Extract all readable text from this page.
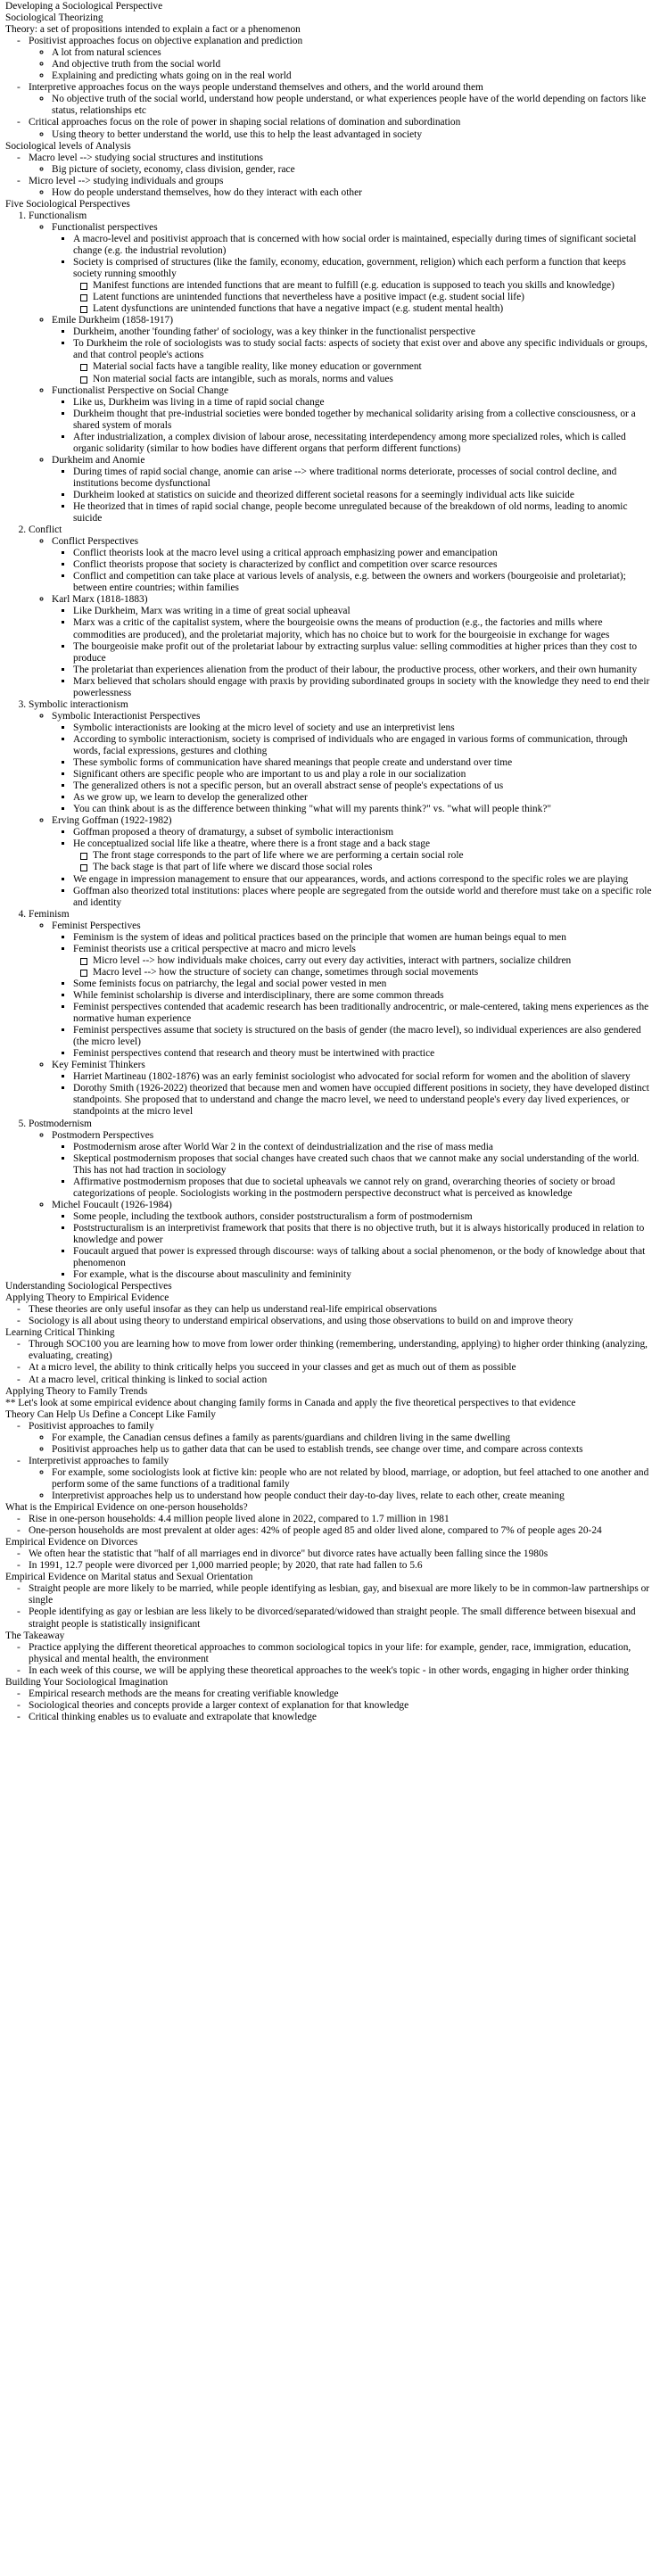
Developing a Sociological Perspective

Sociological Theorizing

Theory: a set of propositions intended to explain a fact or a phenomenon

- Positivist approaches focus on objective explanation and prediction
◦ A lot from natural sciences
◦ And objective truth from the social world
◦ Explaining and predicting whats going on in the real world
- Interpretive approaches focus on the ways people understand themselves and others, and the world around them
◦ No objective truth of the social world, understand how people understand, or what experiences people have of the world depending on factors like status, relationships etc
- Critical approaches focus on the role of power in shaping social relations of domination and subordination
◦ Using theory to better understand the world, use this to help the least advantaged in society

Sociological levels of Analysis

- Macro level --> studying social structures and institutions
◦ Big picture of society, economy, class division, gender, race
- Micro level --> studying individuals and groups
◦ How do people understand themselves, how do they interact with each other

Five Sociological Perspectives

1. Functionalism
◦ Functionalist perspectives
▪ A macro-level and positivist approach that is concerned with how social order is maintained, especially during times of significant societal change (e.g. the industrial revolution)
▪ Society is comprised of structures (like the family, economy, education, government, religion) which each perform a function that keeps society running smoothly
Manifest functions are intended functions that are meant to fulfill (e.g. education is supposed to teach you skills and knowledge)
Latent functions are unintended functions that nevertheless have a positive impact (e.g. student social life)
Latent dysfunctions are unintended functions that have a negative impact (e.g. student mental health)
◦ Emile Durkheim (1858-1917)
▪ Durkheim, another 'founding father' of sociology, was a key thinker in the functionalist perspective
▪ To Durkheim the role of sociologists was to study social facts: aspects of society that exist over and above any specific individuals or groups, and that control people's actions
Material social facts have a tangible reality, like money education or government
Non material social facts are intangible, such as morals, norms and values
◦ Functionalist Perspective on Social Change
▪ Like us, Durkheim was living in a time of rapid social change
▪ Durkheim thought that pre-industrial societies were bonded together by mechanical solidarity arising from a collective consciousness, or a shared system of morals
▪ After industrialization, a complex division of labour arose, necessitating interdependency among more specialized roles, which is called organic solidarity (similar to how bodies have different organs that perform different functions)
◦ Durkheim and Anomie
▪ During times of rapid social change, anomie can arise --> where traditional norms deteriorate, processes of social control decline, and institutions become dysfunctional
▪ Durkheim looked at statistics on suicide and theorized different societal reasons for a seemingly individual acts like suicide
▪ He theorized that in times of rapid social change, people become unregulated because of the breakdown of old norms, leading to anomic suicide
2. Conflict
◦ Conflict Perspectives
▪ Conflict theorists look at the macro level using a critical approach emphasizing power and emancipation
▪ Conflict theorists propose that society is characterized by conflict and competition over scarce resources
▪ Conflict and competition can take place at various levels of analysis, e.g. between the owners and workers (bourgeoisie and proletariat); between entire countries; within families
◦ Karl Marx (1818-1883)
▪ Like Durkheim, Marx was writing in a time of great social upheaval
▪ Marx was a critic of the capitalist system, where the bourgeoisie owns the means of production (e.g., the factories and mills where commodities are produced), and the proletariat majority, which has no choice but to work for the bourgeoisie in exchange for wages
▪ The bourgeoisie make profit out of the proletariat labour by extracting surplus value: selling commodities at higher prices than they cost to produce
▪ The proletariat than experiences alienation from the product of their labour, the productive process, other workers, and their own humanity
▪ Marx believed that scholars should engage with praxis by providing subordinated groups in society with the knowledge they need to end their powerlessness
3. Symbolic interactionism
◦ Symbolic Interactionist Perspectives
▪ Symbolic interactionists are looking at the micro level of society and use an interpretivist lens
▪ According to symbolic interactionism, society is comprised of individuals who are engaged in various forms of communication, through words, facial expressions, gestures and clothing
▪ These symbolic forms of communication have shared meanings that people create and understand over time
▪ Significant others are specific people who are important to us and play a role in our socialization
▪ The generalized others is not a specific person, but an overall abstract sense of people's expectations of us
▪ As we grow up, we learn to develop the generalized other
▪ You can think about is as the difference between thinking "what will my parents think?" vs. "what will people think?"
◦ Erving Goffman (1922-1982)
▪ Goffman proposed a theory of dramaturgy, a subset of symbolic interactionism
▪ He conceptualized social life like a theatre, where there is a front stage and a back stage
The front stage corresponds to the part of life where we are performing a certain social role
The back stage is that part of life where we discard those social roles
▪ We engage in impression management to ensure that our appearances, words, and actions correspond to the specific roles we are playing
▪ Goffman also theorized total institutions: places where people are segregated from the outside world and therefore must take on a specific role and identity
4. Feminism
◦ Feminist Perspectives
▪ Feminism is the system of ideas and political practices based on the principle that women are human beings equal to men
▪ Feminist theorists use a critical perspective at macro and micro levels
Micro level --> how individuals make choices, carry out every day activities, interact with partners, socialize children
Macro level --> how the structure of society can change, sometimes through social movements
▪ Some feminists focus on patriarchy, the legal and social power vested in men
▪ While feminist scholarship is diverse and interdisciplinary, there are some common threads
▪ Feminist perspectives contended that academic research has been traditionally androcentric, or male-centered, taking mens experiences as the normative human experience
▪ Feminist perspectives assume that society is structured on the basis of gender (the macro level), so individual experiences are also gendered (the micro level)
▪ Feminist perspectives contend that research and theory must be intertwined with practice
◦ Key Feminist Thinkers
▪ Harriet Martineau (1802-1876) was an early feminist sociologist who advocated for social reform for women and the abolition of slavery
▪ Dorothy Smith (1926-2022) theorized that because men and women have occupied different positions in society, they have developed distinct standpoints. She proposed that to understand and change the macro level, we need to understand people's every day lived experiences, or standpoints at the micro level
5. Postmodernism
◦ Postmodern Perspectives
▪ Postmodernism arose after World War 2 in the context of deindustrialization and the rise of mass media
▪ Skeptical postmodernism proposes that social changes have created such chaos that we cannot make any social understanding of the world. This has not had traction in sociology
▪ Affirmative postmodernism proposes that due to societal upheavals we cannot rely on grand, overarching theories of society or broad categorizations of people. Sociologists working in the postmodern perspective deconstruct what is perceived as knowledge
◦ Michel Foucault (1926-1984)
▪ Some people, including the textbook authors, consider poststructuralism a form of postmodernism
▪ Poststructuralism is an interpretivist framework that posits that there is no objective truth, but it is always historically produced in relation to knowledge and power
▪ Foucault argued that power is expressed through discourse: ways of talking about a social phenomenon, or the body of knowledge about that phenomenon
▪ For example, what is the discourse about masculinity and femininity

Understanding Sociological Perspectives

Applying Theory to Empirical Evidence

- These theories are only useful insofar as they can help us understand real-life empirical observations
- Sociology is all about using theory to understand empirical observations, and using those observations to build on and improve theory

Learning Critical Thinking

- Through SOC100 you are learning how to move from lower order thinking (remembering, understanding, applying) to higher order thinking (analyzing, evaluating, creating)
- At a micro level, the ability to think critically helps you succeed in your classes and get as much out of them as possible
- At a macro level, critical thinking is linked to social action

Applying Theory to Family Trends

** Let's look at some empirical evidence about changing family forms in Canada and apply the five theoretical perspectives to that evidence

Theory Can Help Us Define a Concept Like Family

- Positivist approaches to family
◦ For example, the Canadian census defines a family as parents/guardians and children living in the same dwelling
◦ Positivist approaches help us to gather data that can be used to establish trends, see change over time, and compare across contexts
- Interpretivist approaches to family
◦ For example, some sociologists look at fictive kin: people who are not related by blood, marriage, or adoption, but feel attached to one another and perform some of the same functions of a traditional family
◦ Interpretivist approaches help us to understand how people conduct their day-to-day lives, relate to each other, create meaning

What is the Empirical Evidence on one-person households?

- Rise in one-person households: 4.4 million people lived alone in 2022, compared to 1.7 million in 1981
- One-person households are most prevalent at older ages: 42% of people aged 85 and older lived alone, compared to 7% of people ages 20-24

Empirical Evidence on Divorces

- We often hear the statistic that "half of all marriages end in divorce" but divorce rates have actually been falling since the 1980s
- In 1991, 12.7 people were divorced per 1,000 married people; by 2020, that rate had fallen to 5.6

Empirical Evidence on Marital status and Sexual Orientation

- Straight people are more likely to be married, while people identifying as lesbian, gay, and bisexual are more likely to be in common-law partnerships or single
- People identifying as gay or lesbian are less likely to be divorced/separated/widowed than straight people. The small difference between bisexual and straight people is statistically insignificant

The Takeaway

- Practice applying the different theoretical approaches to common sociological topics in your life: for example, gender, race, immigration, education, physical and mental health, the environment
- In each week of this course, we will be applying these theoretical approaches to the week's topic - in other words, engaging in higher order thinking

Building Your Sociological Imagination

- Empirical research methods are the means for creating verifiable knowledge
- Sociological theories and concepts provide a larger context of explanation for that knowledge
- Critical thinking enables us to evaluate and extrapolate that knowledge
